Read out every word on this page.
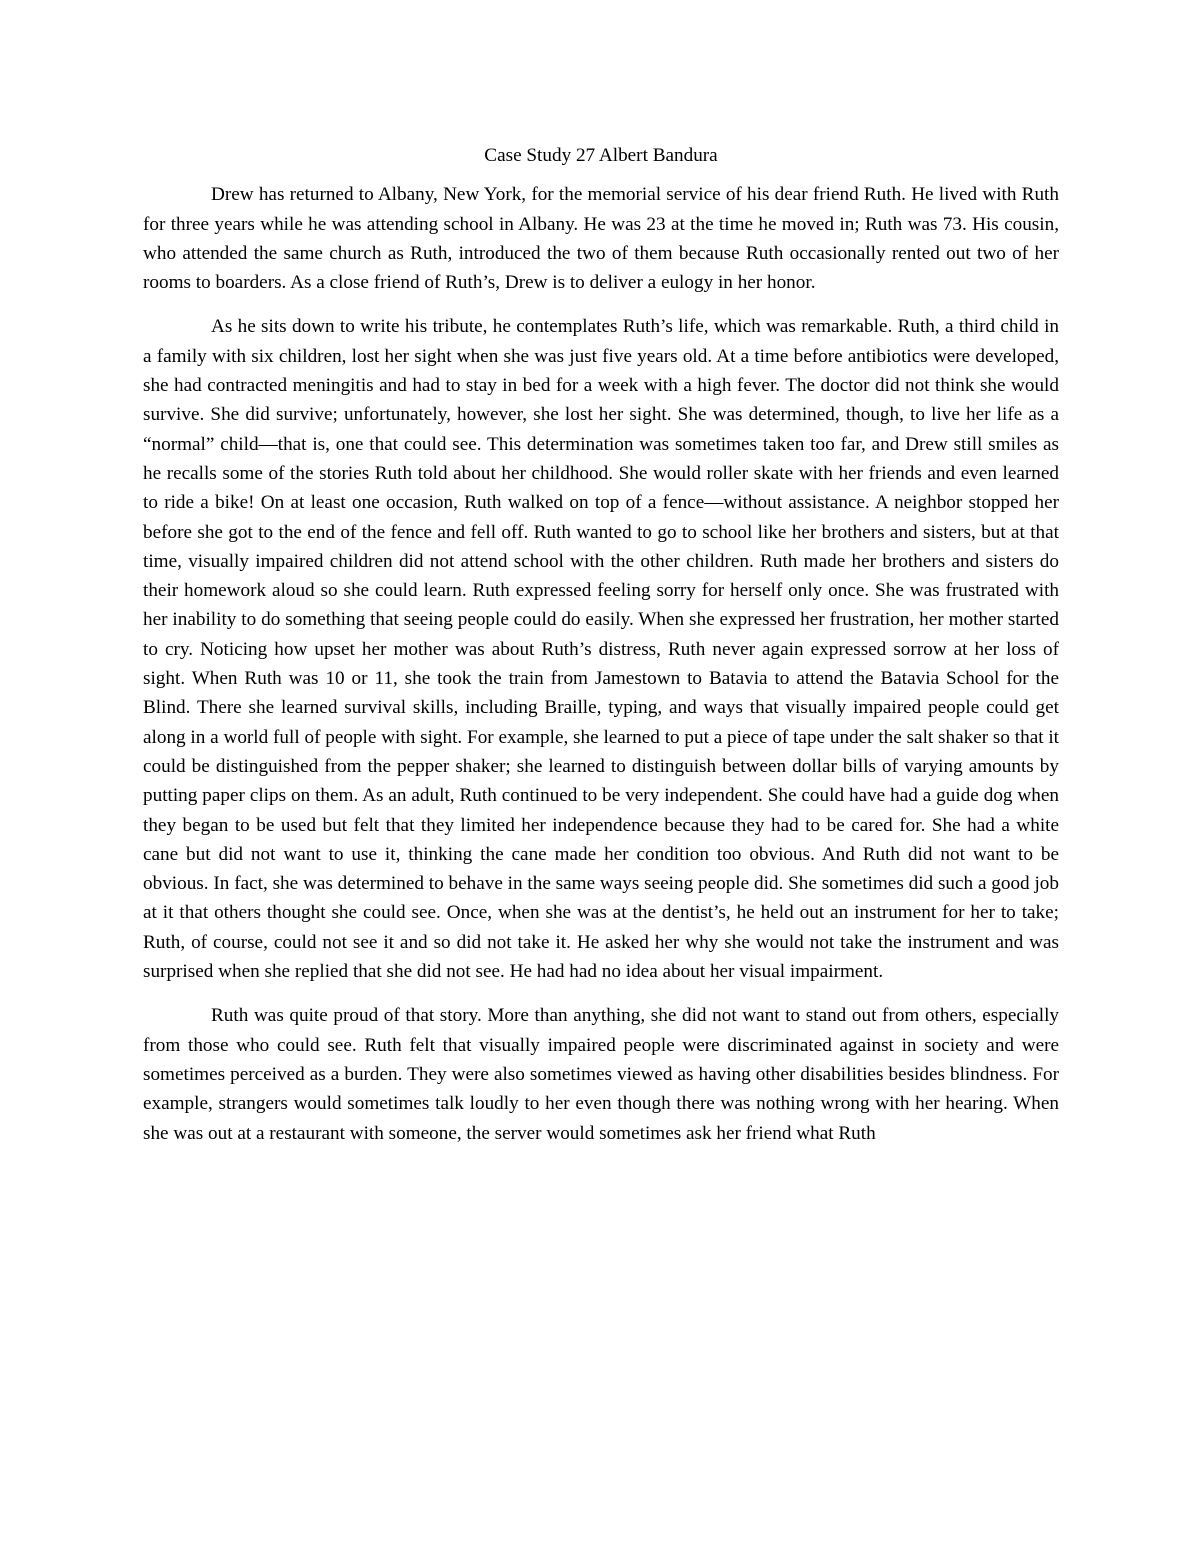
Case Study 27 Albert Bandura

Drew has returned to Albany, New York, for the memorial service of his dear friend Ruth. He lived with Ruth for three years while he was attending school in Albany. He was 23 at the time he moved in; Ruth was 73. His cousin, who attended the same church as Ruth, introduced the two of them because Ruth occasionally rented out two of her rooms to boarders. As a close friend of Ruth’s, Drew is to deliver a eulogy in her honor.

As he sits down to write his tribute, he contemplates Ruth’s life, which was remarkable. Ruth, a third child in a family with six children, lost her sight when she was just five years old. At a time before antibiotics were developed, she had contracted meningitis and had to stay in bed for a week with a high fever. The doctor did not think she would survive. She did survive; unfortunately, however, she lost her sight. She was determined, though, to live her life as a “normal” child—that is, one that could see. This determination was sometimes taken too far, and Drew still smiles as he recalls some of the stories Ruth told about her childhood. She would roller skate with her friends and even learned to ride a bike! On at least one occasion, Ruth walked on top of a fence—without assistance. A neighbor stopped her before she got to the end of the fence and fell off. Ruth wanted to go to school like her brothers and sisters, but at that time, visually impaired children did not attend school with the other children. Ruth made her brothers and sisters do their homework aloud so she could learn. Ruth expressed feeling sorry for herself only once. She was frustrated with her inability to do something that seeing people could do easily. When she expressed her frustration, her mother started to cry. Noticing how upset her mother was about Ruth’s distress, Ruth never again expressed sorrow at her loss of sight. When Ruth was 10 or 11, she took the train from Jamestown to Batavia to attend the Batavia School for the Blind. There she learned survival skills, including Braille, typing, and ways that visually impaired people could get along in a world full of people with sight. For example, she learned to put a piece of tape under the salt shaker so that it could be distinguished from the pepper shaker; she learned to distinguish between dollar bills of varying amounts by putting paper clips on them. As an adult, Ruth continued to be very independent. She could have had a guide dog when they began to be used but felt that they limited her independence because they had to be cared for. She had a white cane but did not want to use it, thinking the cane made her condition too obvious. And Ruth did not want to be obvious. In fact, she was determined to behave in the same ways seeing people did. She sometimes did such a good job at it that others thought she could see. Once, when she was at the dentist’s, he held out an instrument for her to take; Ruth, of course, could not see it and so did not take it. He asked her why she would not take the instrument and was surprised when she replied that she did not see. He had had no idea about her visual impairment.

Ruth was quite proud of that story. More than anything, she did not want to stand out from others, especially from those who could see. Ruth felt that visually impaired people were discriminated against in society and were sometimes perceived as a burden. They were also sometimes viewed as having other disabilities besides blindness. For example, strangers would sometimes talk loudly to her even though there was nothing wrong with her hearing. When she was out at a restaurant with someone, the server would sometimes ask her friend what Ruth
